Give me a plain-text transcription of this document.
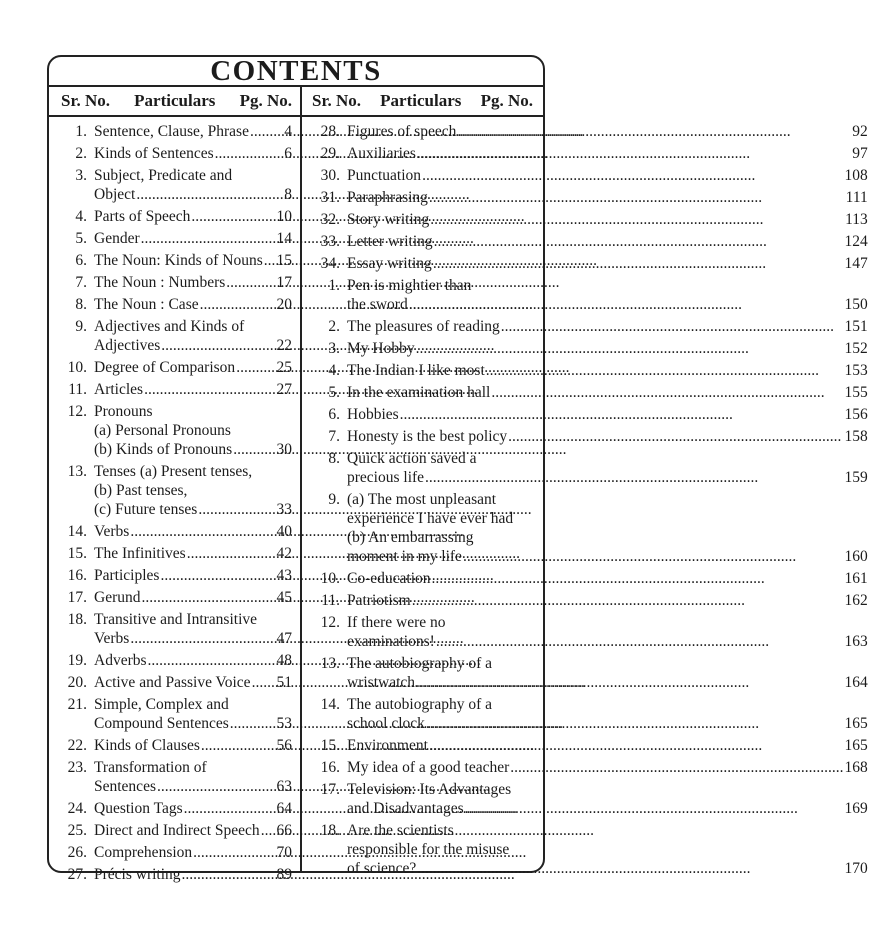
CONTENTS
Sr. No. Particulars Pg. No. Sr. No. Particulars Pg. No.
1. Sentence, Clause, Phrase ..... 4
2. Kinds of Sentences .....	6
3. Subject, Predicate and
Object .....	8
4. Parts of Speech .....	10
5. Gender .....	14
6. The Noun: Kinds of Nouns ..... 15
7. The Noun : Numbers .....	17
8. The Noun : Case .....	20
9. Adjectives and Kinds of
Adjectives .....	22
10. Degree of Comparison .....	25
11. Articles .....	27
12. Pronouns
(a) Personal Pronouns
(b) Kinds of Pronouns .....	30
13. Tenses (a) Present tenses,
(b) Past tenses,
(c) Future tenses .....	33
14. Verbs .....	40
15. The Infinitives .....	42
16. Participles .....	43
17. Gerund .....	45
18. Transitive and Intransitive
Verbs .....	47
19. Adverbs .....	48
20. Active and Passive Voice ..... 51
21. Simple, Complex and
Compound Sentences .....	53
22. Kinds of Clauses .....	56
23. Transformation of
Sentences .....	63
24. Question Tags .....	64
25. Direct and Indirect Speech ..... 66
26. Comprehension .....	70
27. Précis writing .....	89
28. Figures of speech .....	92
29. Auxiliaries .....	97
30. Punctuation .....	108
31. Paraphrasing .....	111
32. Story writing .....	113
33. Letter writing .....	124
34. Essay writing .....	147
1. Pen is mightier than
the sword .....	150
2. The pleasures of reading .....	151
3. My Hobby .....	152
4. The Indian I like most .....	153
5. In the examination hall .....	155
6. Hobbies .....	156
7. Honesty is the best policy .....	158
8. Quick action saved a
precious life .....	159
9. (a) The most unpleasant
experience I have ever had
(b) An embarrassing
moment in my life .....	160
10. Co-education .....	161
11. Patriotism .....	162
12. If there were no
examinations! .....	163
13. The autobiography of a
wristwatch .....	164
14. The autobiography of a
school clock .....	165
15. Environment .....	165
16. My idea of a good teacher .....	168
17. Television: Its Advantages
and Disadvantages .....	169
18. Are the scientists
responsible for the misuse
of science? .....	170
